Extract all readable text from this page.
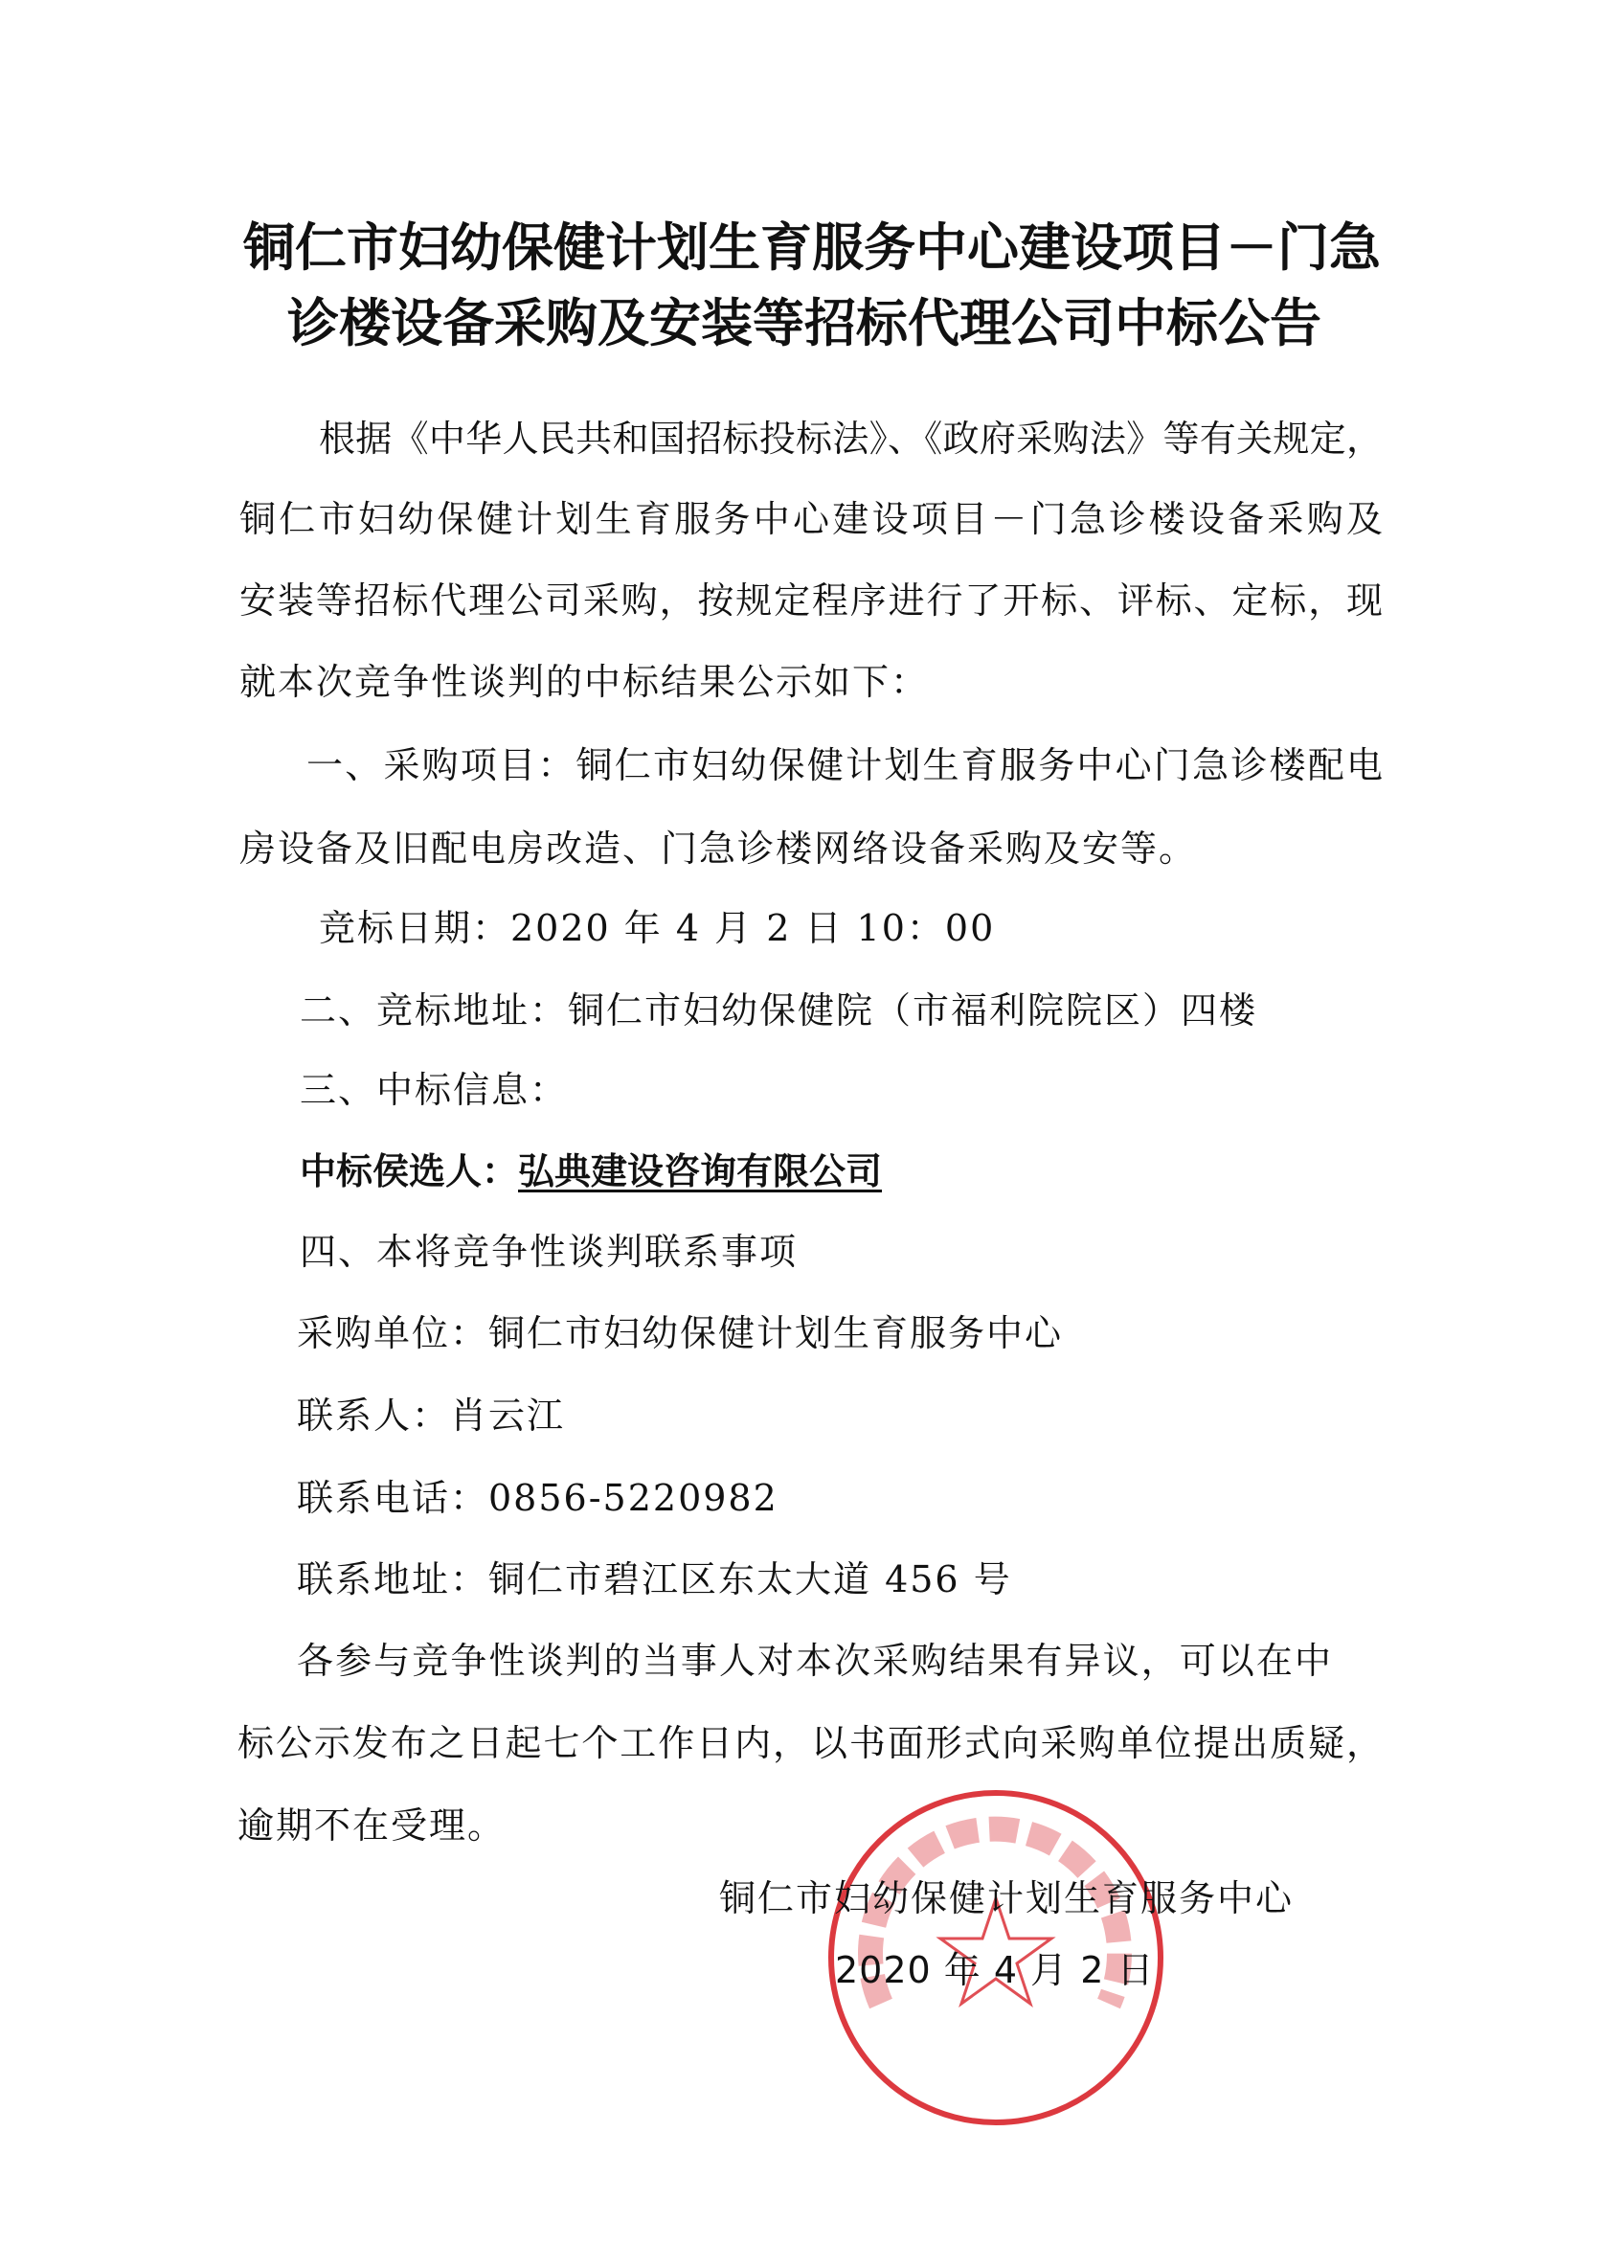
铜仁市妇幼保健计划生育服务中心建设项目－门急
诊楼设备采购及安装等招标代理公司中标公告
根据《中华人民共和国招标投标法》、《政府采购法》等有关规定，
铜仁市妇幼保健计划生育服务中心建设项目－门急诊楼设备采购及
安装等招标代理公司采购，按规定程序进行了开标、评标、定标，现
就本次竞争性谈判的中标结果公示如下：
一、采购项目：铜仁市妇幼保健计划生育服务中心门急诊楼配电
房设备及旧配电房改造、门急诊楼网络设备采购及安等。
竞标日期：2020 年 4 月 2 日 10：00
二、竞标地址：铜仁市妇幼保健院（市福利院院区）四楼
三、中标信息：
中标侯选人：弘典建设咨询有限公司
四、本将竞争性谈判联系事项
采购单位：铜仁市妇幼保健计划生育服务中心
联系人：肖云江
联系电话：0856-5220982
联系地址：铜仁市碧江区东太大道 456 号
各参与竞争性谈判的当事人对本次采购结果有异议，可以在中
标公示发布之日起七个工作日内，以书面形式向采购单位提出质疑，
逾期不在受理。
铜仁市妇幼保健计划生育服务中心
2020 年 4 月 2 日
